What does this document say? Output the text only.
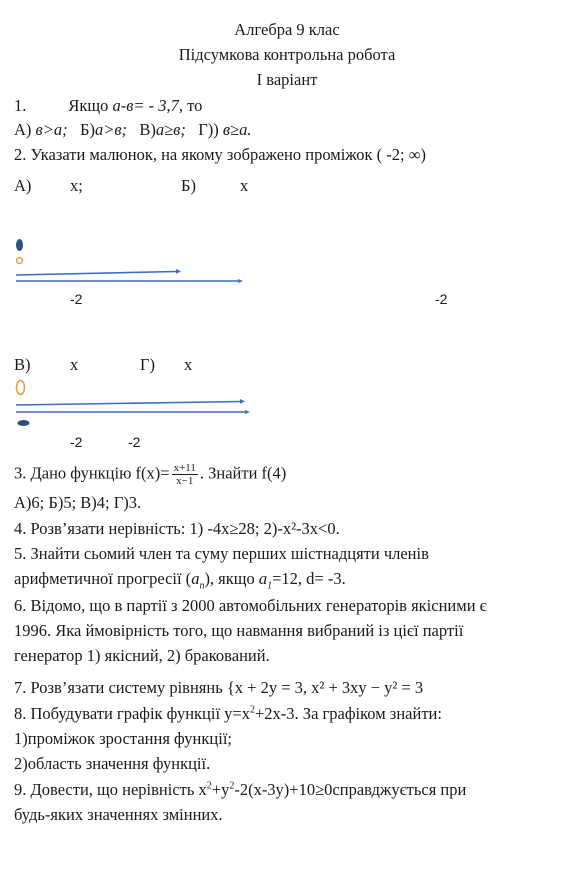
Алгебра 9 клас
Підсумкова контрольна робота
I варіант
1.	Якщо а-в= - 3,7, то
А) в>а; Б)а>в; В)а≥в; Г)) в≥а.
2. Указати малюнок, на якому зображено проміжок ( -2; ∞)
А) x;	Б)	x
-2	-2
В) x	Г) x
-2	-2
3. Дано функцію $f(x)= \frac{x+11}{x-1}$ . Знайти f(4)
А)6; Б)5; В)4; Г)3.
4. Розв’язати нерівність: 1) -4x≥28; 2)-x²-3x<0.
5. Знайти сьомий член та суму перших шістнадцяти членів
арифметичної прогресії $(a_n)$, якщо $a_1=12$, d= -3.
6. Відомо, що в партії з 2000 автомобільних генераторів якісними є
1996. Яка ймовірність того, що навмання вибраний із цієї партії
генератор 1) якісний, 2) бракований.
7. Розв’язати систему рівнянь {x + 2y = 3, x² + 3xy − y² = 3
8. Побудувати графік функції $y=x^2+2x-3$. За графіком знайти:
1)проміжок зростання функції;
2)область значення функції.
9. Довести, що нерівність $x^2+y^2-2(x-3y)+10\ge 0справджується$ при
будь-яких значеннях змінних.
